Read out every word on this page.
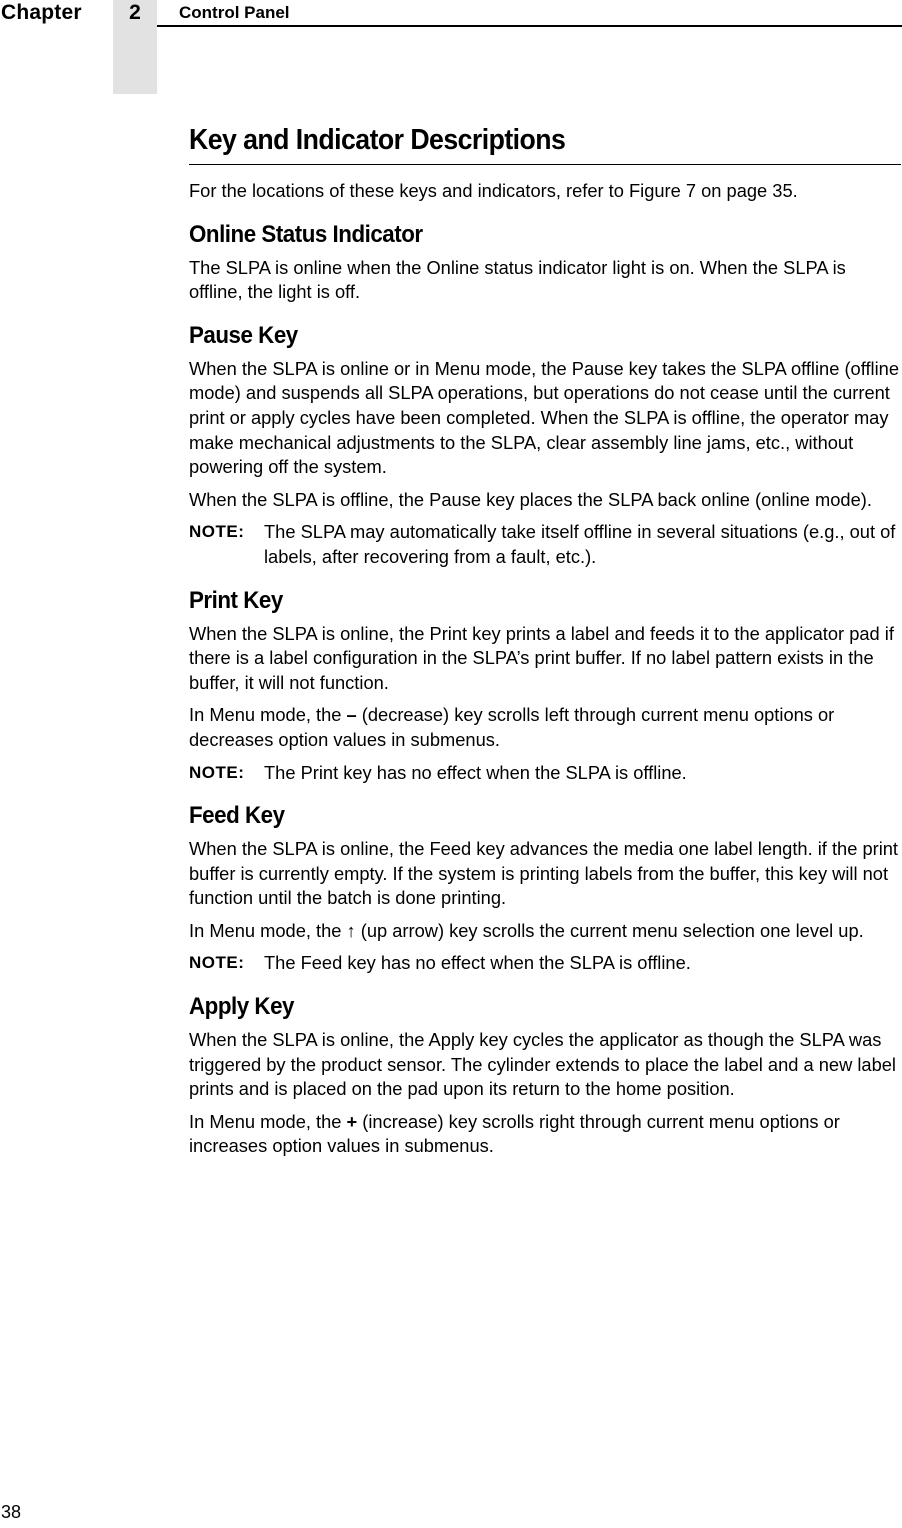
Chapter	2	Control Panel
Key and Indicator Descriptions

For the locations of these keys and indicators, refer to Figure 7 on page 35.

Online Status Indicator

The SLPA is online when the Online status indicator light is on. When the SLPA is offline, the light is off.

Pause Key

When the SLPA is online or in Menu mode, the Pause key takes the SLPA offline (offline mode) and suspends all SLPA operations, but operations do not cease until the current print or apply cycles have been completed. When the SLPA is offline, the operator may make mechanical adjustments to the SLPA, clear assembly line jams, etc., without powering off the system.

When the SLPA is offline, the Pause key places the SLPA back online (online mode).

NOTE:	The SLPA may automatically take itself offline in several situations (e.g., out of labels, after recovering from a fault, etc.).
Print Key

When the SLPA is online, the Print key prints a label and feeds it to the applicator pad if there is a label configuration in the SLPA’s print buffer. If no label pattern exists in the buffer, it will not function.

In Menu mode, the – (decrease) key scrolls left through current menu options or decreases option values in submenus.

NOTE:	The Print key has no effect when the SLPA is offline.
Feed Key

When the SLPA is online, the Feed key advances the media one label length. if the print buffer is currently empty. If the system is printing labels from the buffer, this key will not function until the batch is done printing.

In Menu mode, the ↑ (up arrow) key scrolls the current menu selection one level up.

NOTE:	The Feed key has no effect when the SLPA is offline.
Apply Key

When the SLPA is online, the Apply key cycles the applicator as though the SLPA was triggered by the product sensor. The cylinder extends to place the label and a new label prints and is placed on the pad upon its return to the home position.

In Menu mode, the + (increase) key scrolls right through current menu options or increases option values in submenus.

38
